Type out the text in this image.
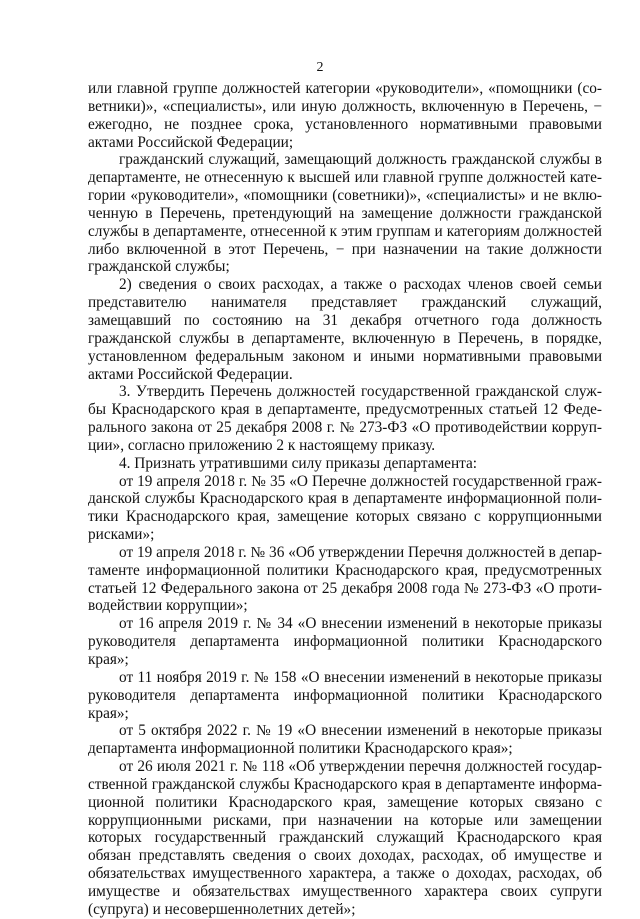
2

или главной группе должностей категории «руководители», «помощники (советники)», «специалисты», или иную должность, включенную в Перечень, − ежегодно, не позднее срока, установленного нормативными правовыми актами Российской Федерации;

гражданский служащий, замещающий должность гражданской службы в департаменте, не отнесенную к высшей или главной группе должностей категории «руководители», «помощники (советники)», «специалисты» и не включенную в Перечень, претендующий на замещение должности гражданской службы в департаменте, отнесенной к этим группам и категориям должностей либо включенной в этот Перечень, − при назначении на такие должности гражданской службы;

2) сведения о своих расходах, а также о расходах членов своей семьи представителю нанимателя представляет гражданский служащий, замещавший по состоянию на 31 декабря отчетного года должность гражданской службы в департаменте, включенную в Перечень, в порядке, установленном федеральным законом и иными нормативными правовыми актами Российской Федерации.

3. Утвердить Перечень должностей государственной гражданской службы Краснодарского края в департаменте, предусмотренных статьей 12 Федерального закона от 25 декабря 2008 г. № 273-ФЗ «О противодействии коррупции», согласно приложению 2 к настоящему приказу.

4. Признать утратившими силу приказы департамента:

от 19 апреля 2018 г. № 35 «О Перечне должностей государственной гражданской службы Краснодарского края в департаменте информационной политики Краснодарского края, замещение которых связано с коррупционными рисками»;

от 19 апреля 2018 г. № 36 «Об утверждении Перечня должностей в департаменте информационной политики Краснодарского края, предусмотренных статьей 12 Федерального закона от 25 декабря 2008 года № 273-ФЗ «О противодействии коррупции»;

от 16 апреля 2019 г. № 34 «О внесении изменений в некоторые приказы руководителя департамента информационной политики Краснодарского края»;

от 11 ноября 2019 г. № 158 «О внесении изменений в некоторые приказы руководителя департамента информационной политики Краснодарского края»;

от 5 октября 2022 г. № 19 «О внесении изменений в некоторые приказы департамента информационной политики Краснодарского края»;

от 26 июля 2021 г. № 118 «Об утверждении перечня должностей государственной гражданской службы Краснодарского края в департаменте информационной политики Краснодарского края, замещение которых связано с коррупционными рисками, при назначении на которые или замещении которых государственный гражданский служащий Краснодарского края обязан представлять сведения о своих доходах, расходах, об имуществе и обязательствах имущественного характера, а также о доходах, расходах, об имуществе и обязательствах имущественного характера своих супруги (супруга) и несовершеннолетних детей»;
